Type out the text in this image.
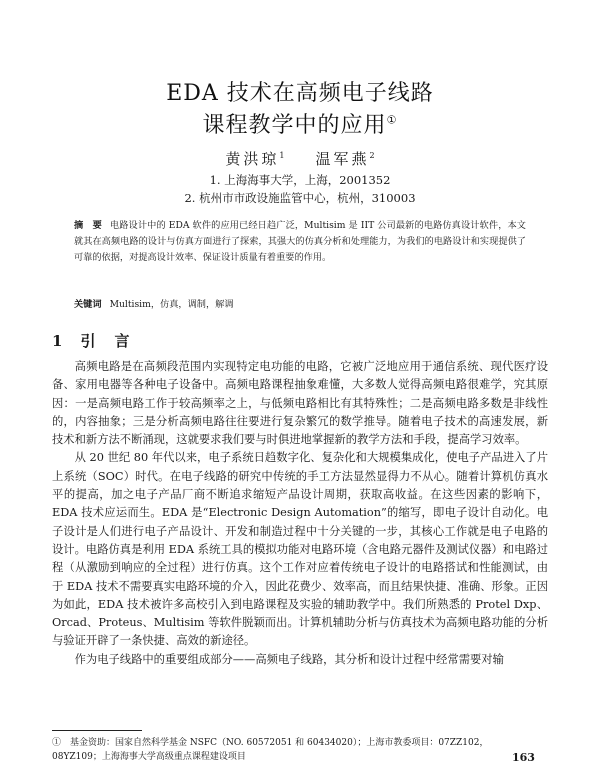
EDA 技术在高频电子线路
课程教学中的应用①
黄洪琼$^1$ 温军燕$^2$
1. 上海海事大学，上海，2001352
2. 杭州市市政设施监管中心，杭州，310003
摘　要 电路设计中的 EDA 软件的应用已经日趋广泛，Multisim 是 IIT 公司最新的电路仿真设计软件，本文就其在高频电路的设计与仿真方面进行了探索，其强大的仿真分析和处理能力，为我们的电路设计和实现提供了可靠的依据，对提高设计效率、保证设计质量有着重要的作用。
关键词 Multisim，仿真，调制，解调
1 引　言

高频电路是在高频段范围内实现特定电功能的电路，它被广泛地应用于通信系统、现代医疗设备、家用电器等各种电子设备中。高频电路课程抽象难懂，大多数人觉得高频电路很难学，究其原因：一是高频电路工作于较高频率之上，与低频电路相比有其特殊性；二是高频电路多数是非线性的，内容抽象；三是分析高频电路往往要进行复杂繁冗的数学推导。随着电子技术的高速发展，新技术和新方法不断涌现，这就要求我们要与时俱进地掌握新的教学方法和手段，提高学习效率。

从 20 世纪 80 年代以来，电子系统日趋数字化、复杂化和大规模集成化，使电子产品进入了片上系统（SOC）时代。在电子线路的研究中传统的手工方法显然显得力不从心。随着计算机仿真水平的提高，加之电子产品厂商不断追求缩短产品设计周期，获取高收益。在这些因素的影响下，EDA 技术应运而生。EDA 是“Electronic Design Automation”的缩写，即电子设计自动化。电子设计是人们进行电子产品设计、开发和制造过程中十分关键的一步，其核心工作就是电子电路的设计。电路仿真是利用 EDA 系统工具的模拟功能对电路环境（含电路元器件及测试仪器）和电路过程（从激励到响应的全过程）进行仿真。这个工作对应着传统电子设计的电路搭试和性能测试，由于 EDA 技术不需要真实电路环境的介入，因此花费少、效率高，而且结果快捷、准确、形象。正因为如此，EDA 技术被许多高校引入到电路课程及实验的辅助教学中。我们所熟悉的 Protel Dxp、Orcad、Proteus、Multisim 等软件脱颖而出。计算机辅助分析与仿真技术为高频电路功能的分析与验证开辟了一条快捷、高效的新途径。

作为电子线路中的重要组成部分——高频电子线路，其分析和设计过程中经常需要对输

①　基金资助：国家自然科学基金 NSFC（NO. 60572051 和 60434020）；上海市教委项目：07ZZ102，

08YZ109；上海海事大学高级重点课程建设项目	163
